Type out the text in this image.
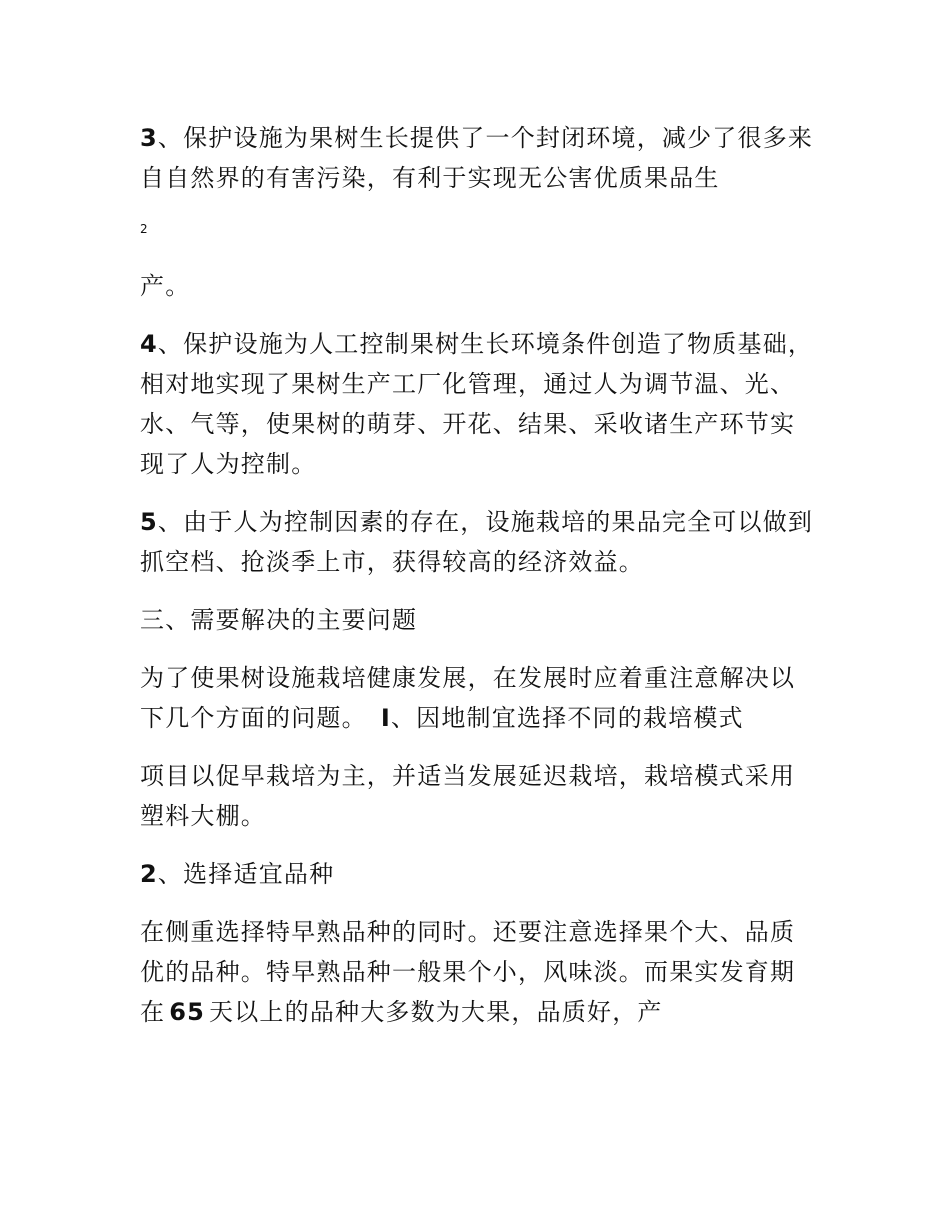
3、保护设施为果树生长提供了一个封闭环境，减少了很多来自自然界的有害污染，有利于实现无公害优质果品生

2

产。

4、保护设施为人工控制果树生长环境条件创造了物质基础，相对地实现了果树生产工厂化管理，通过人为调节温、光、水、气等，使果树的萌芽、开花、结果、采收诸生产环节实现了人为控制。

5、由于人为控制因素的存在，设施栽培的果品完全可以做到抓空档、抢淡季上市，获得较高的经济效益。

三、需要解决的主要问题

为了使果树设施栽培健康发展，在发展时应着重注意解决以下几个方面的问题。 I、因地制宜选择不同的栽培模式

项目以促早栽培为主，并适当发展延迟栽培，栽培模式采用塑料大棚。

2、选择适宜品种

在侧重选择特早熟品种的同时。还要注意选择果个大、品质优的品种。特早熟品种一般果个小，风味淡。而果实发育期在 65 天以上的品种大多数为大果，品质好，产
